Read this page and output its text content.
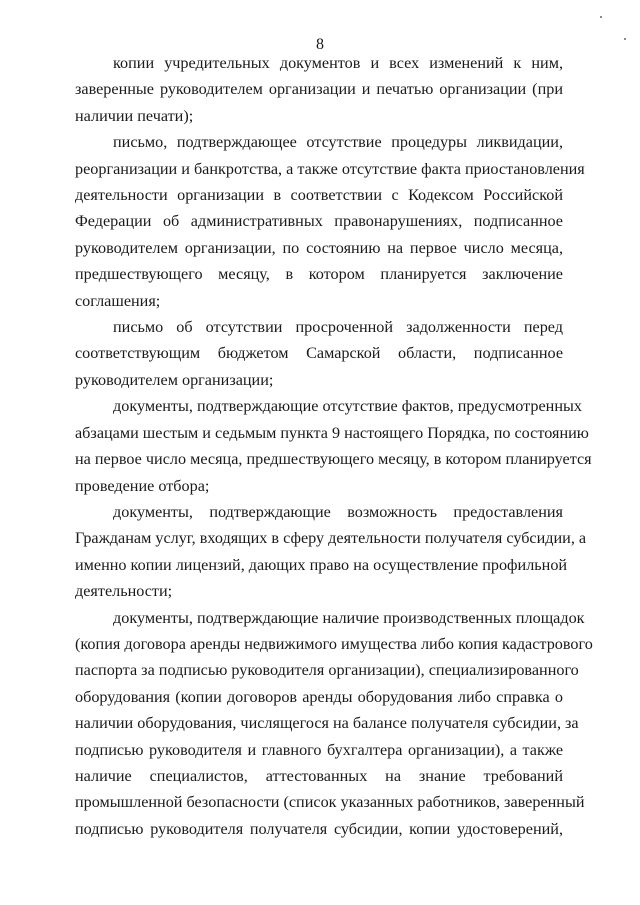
8
копии учредительных документов и всех изменений к ним,
заверенные руководителем организации и печатью организации (при
наличии печати);
письмо, подтверждающее отсутствие процедуры ликвидации,
реорганизации и банкротства, а также отсутствие факта приостановления
деятельности организации в соответствии с Кодексом Российской
Федерации об административных правонарушениях, подписанное
руководителем организации, по состоянию на первое число месяца,
предшествующего месяцу, в котором планируется заключение
соглашения;
письмо об отсутствии просроченной задолженности перед
соответствующим бюджетом Самарской области, подписанное
руководителем организации;
документы, подтверждающие отсутствие фактов, предусмотренных
абзацами шестым и седьмым пункта 9 настоящего Порядка, по состоянию
на первое число месяца, предшествующего месяцу, в котором планируется
проведение отбора;
документы, подтверждающие возможность предоставления
Гражданам услуг, входящих в сферу деятельности получателя субсидии, а
именно копии лицензий, дающих право на осуществление профильной
деятельности;
документы, подтверждающие наличие производственных площадок
(копия договора аренды недвижимого имущества либо копия кадастрового
паспорта за подписью руководителя организации), специализированного
оборудования (копии договоров аренды оборудования либо справка о
наличии оборудования, числящегося на балансе получателя субсидии, за
подписью руководителя и главного бухгалтера организации), а также
наличие специалистов, аттестованных на знание требований
промышленной безопасности (список указанных работников, заверенный
подписью руководителя получателя субсидии, копии удостоверений,
